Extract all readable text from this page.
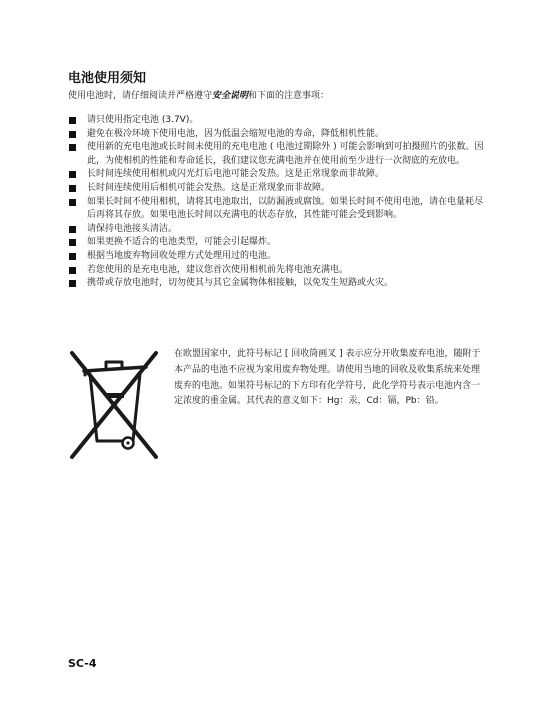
电池使用须知
使用电池时，请仔细阅读并严格遵守安全说明和下面的注意事项：
请只使用指定电池 (3.7V)。
避免在极冷环境下使用电池，因为低温会缩短电池的寿命，降低相机性能。
使用新的充电电池或长时间未使用的充电电池 ( 电池过期除外 ) 可能会影响到可拍摄照片的张数。因此，为使相机的性能和寿命延长，我们建议您充满电池并在使用前至少进行一次彻底的充放电。
长时间连续使用相机或闪光灯后电池可能会发热。这是正常现象而非故障。
长时间连续使用后相机可能会发热。这是正常现象而非故障。
如果长时间不使用相机，请将其电池取出，以防漏液或腐蚀。如果长时间不使用电池，请在电量耗尽后再将其存放。如果电池长时间以充满电的状态存放，其性能可能会受到影响。
请保持电池接头清洁。
如果更换不适合的电池类型，可能会引起爆炸。
根据当地废弃物回收处理方式处理用过的电池。
若您使用的是充电电池，建议您首次使用相机前先将电池充满电。
携带或存放电池时，切勿使其与其它金属物体相接触，以免发生短路或火灾。

在欧盟国家中，此符号标记 [ 回收筒画叉 ] 表示应分开收集废弃电池，随附于本产品的电池不应视为家用废弃物处理。请使用当地的回收及收集系统来处理废弃的电池。如果符号标记的下方印有化学符号，此化学符号表示电池内含一定浓度的重金属。其代表的意义如下：Hg：汞，Cd：镉，Pb：铅。

SC-4
